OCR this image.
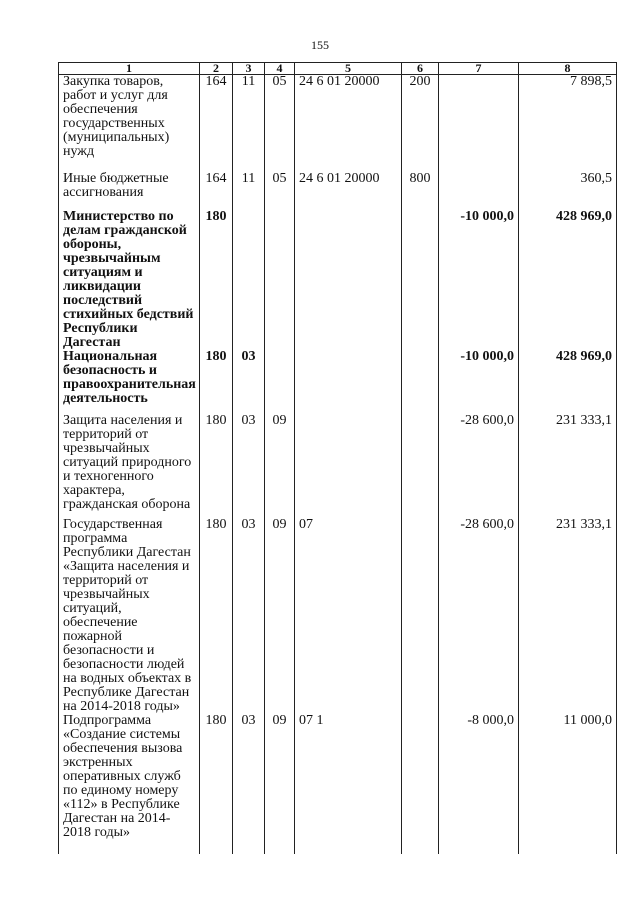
155
1	2	3	4	5	6	7	8
Закупка товаров, работ и услуг для обеспечения государственных (муниципальных) нужд	164	11	05	24 6 01 20000	200		7 898,5
Иные бюджетные ассигнования	164	11	05	24 6 01 20000	800		360,5
Министерство по делам гражданской обороны, чрезвычайным ситуациям и ликвидации последствий стихийных бедствий Республики Дагестан	180					-10 000,0	428 969,0
Национальная безопасность и правоохранительная деятельность	180	03				-10 000,0	428 969,0
Защита населения и территорий от чрезвычайных ситуаций природного и техногенного характера, гражданская оборона	180	03	09			-28 600,0	231 333,1
Государственная программа Республики Дагестан «Защита населения и территорий от чрезвычайных ситуаций, обеспечение пожарной безопасности и безопасности людей на водных объектах в Республике Дагестан на 2014-2018 годы»	180	03	09	07		-28 600,0	231 333,1
Подпрограмма «Создание системы обеспечения вызова экстренных оперативных служб по единому номеру «112» в Республике Дагестан на 2014-2018 годы»	180	03	09	07 1		-8 000,0	11 000,0
